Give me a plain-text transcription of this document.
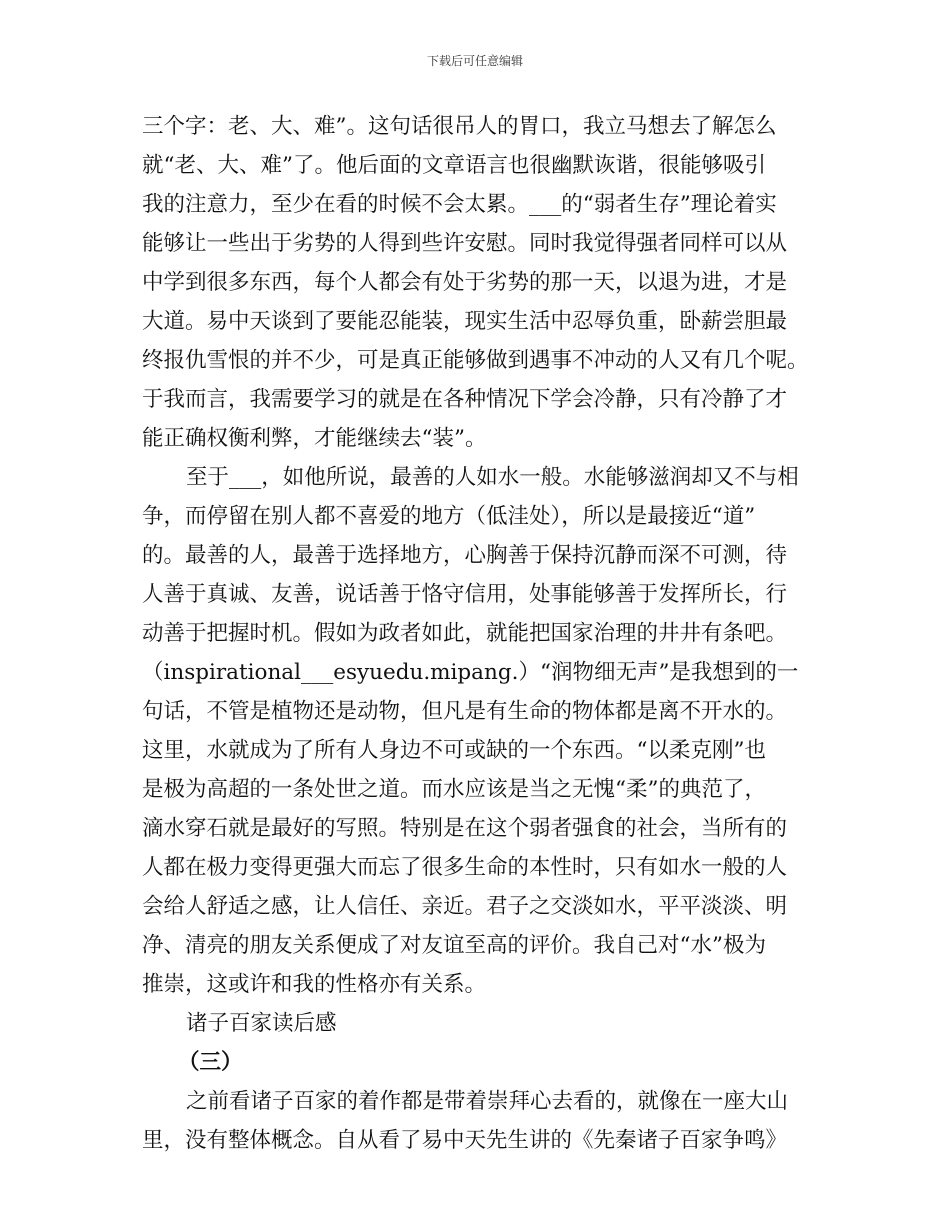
下载后可任意编辑
三个字：老、大、难”。这句话很吊人的胃口，我立马想去了解怎么
就“老、大、难”了。他后面的文章语言也很幽默诙谐，很能够吸引
我的注意力，至少在看的时候不会太累。___的“弱者生存”理论着实
能够让一些出于劣势的人得到些许安慰。同时我觉得强者同样可以从
中学到很多东西，每个人都会有处于劣势的那一天，以退为进，才是
大道。易中天谈到了要能忍能装，现实生活中忍辱负重，卧薪尝胆最
终报仇雪恨的并不少，可是真正能够做到遇事不冲动的人又有几个呢。
于我而言，我需要学习的就是在各种情况下学会冷静，只有冷静了才
能正确权衡利弊，才能继续去“装”。
至于___，如他所说，最善的人如水一般。水能够滋润却又不与相
争，而停留在别人都不喜爱的地方（低洼处），所以是最接近“道”
的。最善的人，最善于选择地方，心胸善于保持沉静而深不可测，待
人善于真诚、友善，说话善于恪守信用，处事能够善于发挥所长，行
动善于把握时机。假如为政者如此，就能把国家治理的井井有条吧。
（inspirational___esyuedu.mipang.）“润物细无声”是我想到的一
句话，不管是植物还是动物，但凡是有生命的物体都是离不开水的。
这里，水就成为了所有人身边不可或缺的一个东西。“以柔克刚”也
是极为高超的一条处世之道。而水应该是当之无愧“柔”的典范了，
滴水穿石就是最好的写照。特别是在这个弱者强食的社会，当所有的
人都在极力变得更强大而忘了很多生命的本性时，只有如水一般的人
会给人舒适之感，让人信任、亲近。君子之交淡如水，平平淡淡、明
净、清亮的朋友关系便成了对友谊至高的评价。我自己对“水”极为
推崇，这或许和我的性格亦有关系。
诸子百家读后感
（三）
之前看诸子百家的着作都是带着崇拜心去看的，就像在一座大山
里，没有整体概念。自从看了易中天先生讲的《先秦诸子百家争鸣》
